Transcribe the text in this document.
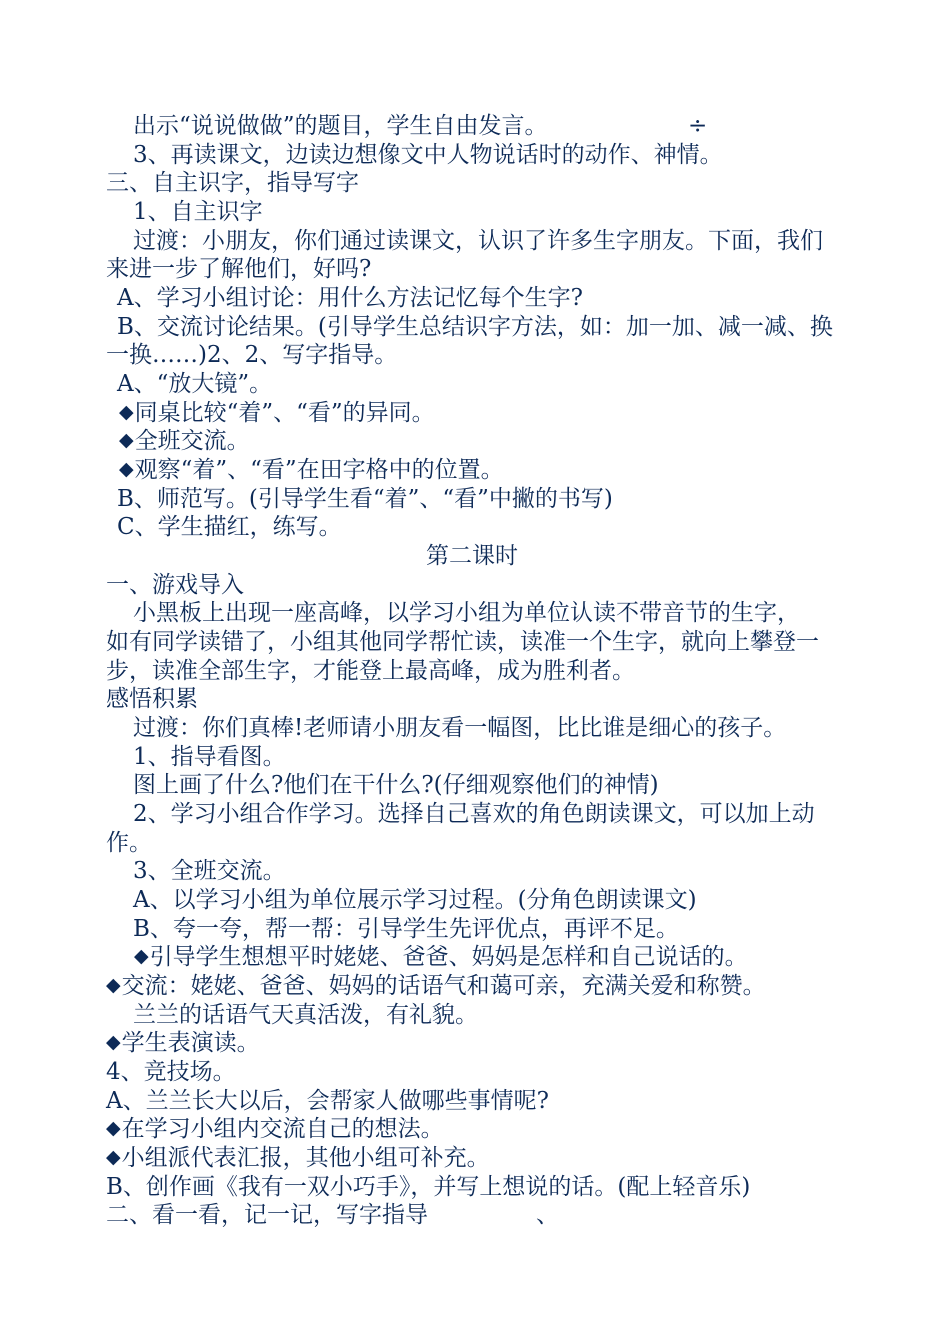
出示“说说做做”的题目，学生自由发言。	÷
3、再读课文，边读边想像文中人物说话时的动作、神情。
三、自主识字，指导写字
1、自主识字
过渡：小朋友，你们通过读课文，认识了许多生字朋友。下面，我们
来进一步了解他们，好吗?
A、学习小组讨论：用什么方法记忆每个生字?
B、交流讨论结果。(引导学生总结识字方法，如：加一加、减一减、换
一换……)2、2、写字指导。
A、“放大镜”。
◆同桌比较“着”、“看”的异同。
◆全班交流。
◆观察“着”、“看”在田字格中的位置。
B、师范写。(引导学生看“着”、“看”中撇的书写)
C、学生描红，练写。
第二课时
一、游戏导入
小黑板上出现一座高峰，以学习小组为单位认读不带音节的生字，
如有同学读错了，小组其他同学帮忙读，读准一个生字，就向上攀登一
步，读准全部生字，才能登上最高峰，成为胜利者。
感悟积累
过渡：你们真棒!老师请小朋友看一幅图，比比谁是细心的孩子。
1、指导看图。
图上画了什么?他们在干什么?(仔细观察他们的神情)
2、学习小组合作学习。选择自己喜欢的角色朗读课文，可以加上动
作。
3、全班交流。
A、以学习小组为单位展示学习过程。(分角色朗读课文)
B、夸一夸，帮一帮：引导学生先评优点，再评不足。
◆引导学生想想平时姥姥、爸爸、妈妈是怎样和自己说话的。
◆交流：姥姥、爸爸、妈妈的话语气和蔼可亲，充满关爱和称赞。
兰兰的话语气天真活泼，有礼貌。
◆学生表演读。
4、竞技场。
A、兰兰长大以后，会帮家人做哪些事情呢?
◆在学习小组内交流自己的想法。
◆小组派代表汇报，其他小组可补充。
B、创作画《我有一双小巧手》，并写上想说的话。(配上轻音乐)
二、看一看，记一记，写字指导	、
